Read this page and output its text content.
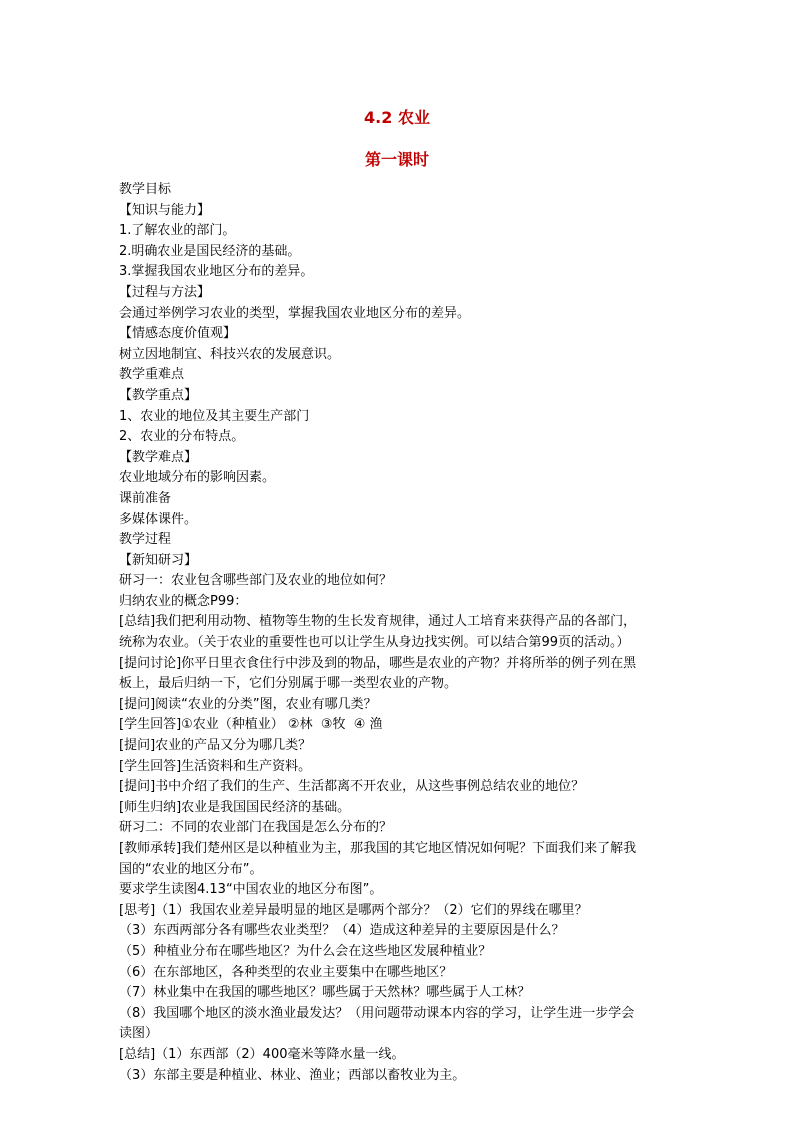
4.2 农业
第一课时
教学目标
【知识与能力】
1.了解农业的部门。
2.明确农业是国民经济的基础。
3.掌握我国农业地区分布的差异。
【过程与方法】
会通过举例学习农业的类型，掌握我国农业地区分布的差异。
【情感态度价值观】
树立因地制宜、科技兴农的发展意识。
教学重难点
【教学重点】
1、农业的地位及其主要生产部门
2、农业的分布特点。
【教学难点】
农业地域分布的影响因素。
课前准备
多媒体课件。
教学过程
【新知研习】
研习一：农业包含哪些部门及农业的地位如何？
归纳农业的概念P99：
[总结]我们把利用动物、植物等生物的生长发育规律，通过人工培育来获得产品的各部门，
统称为农业。（关于农业的重要性也可以让学生从身边找实例。可以结合第99页的活动。）
[提问讨论]你平日里衣食住行中涉及到的物品，哪些是农业的产物？并将所举的例子列在黑
板上，最后归纳一下，它们分别属于哪一类型农业的产物。
[提问]阅读“农业的分类”图，农业有哪几类？
[学生回答]①农业（种植业） ②林  ③牧  ④ 渔
[提问]农业的产品又分为哪几类？
[学生回答]生活资料和生产资料。
[提问]书中介绍了我们的生产、生活都离不开农业，从这些事例总结农业的地位？
[师生归纳]农业是我国国民经济的基础。
研习二：不同的农业部门在我国是怎么分布的？
[教师承转]我们楚州区是以种植业为主，那我国的其它地区情况如何呢？下面我们来了解我
国的“农业的地区分布”。
要求学生读图4.13“中国农业的地区分布图”。
[思考]（1）我国农业差异最明显的地区是哪两个部分？（2）它们的界线在哪里？
（3）东西两部分各有哪些农业类型？（4）造成这种差异的主要原因是什么？
（5）种植业分布在哪些地区？为什么会在这些地区发展种植业？
（6）在东部地区，各种类型的农业主要集中在哪些地区？
（7）林业集中在我国的哪些地区？哪些属于天然林？哪些属于人工林？
（8）我国哪个地区的淡水渔业最发达？（用问题带动课本内容的学习，让学生进一步学会
读图）
[总结]（1）东西部（2）400毫米等降水量一线。
（3）东部主要是种植业、林业、渔业；西部以畜牧业为主。
